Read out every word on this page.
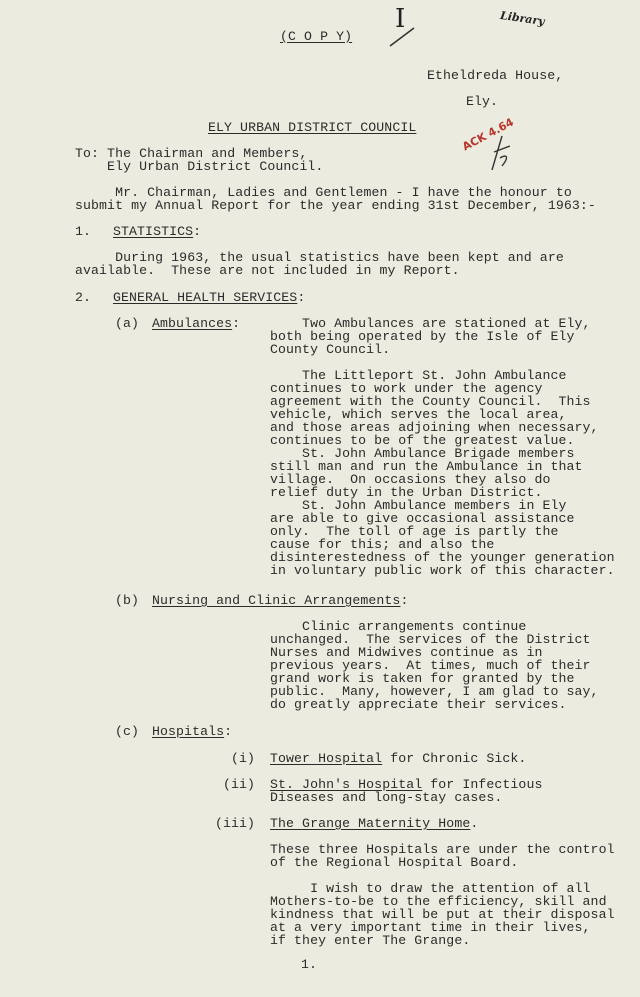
(C O P Y)
I	Library
Etheldreda House,
Ely.
ELY URBAN DISTRICT COUNCIL	ACK 4.64
To: The Chairman and Members,
Ely Urban District Council.
Mr. Chairman, Ladies and Gentlemen - I have the honour to
submit my Annual Report for the year ending 31st December, 1963:-
1. STATISTICS:
During 1963, the usual statistics have been kept and are
available.  These are not included in my Report.
2. GENERAL HEALTH SERVICES:
(a) Ambulances: Two Ambulances are stationed at Ely,
both being operated by the Isle of Ely
County Council.
The Littleport St. John Ambulance
continues to work under the agency
agreement with the County Council.  This
vehicle, which serves the local area,
and those areas adjoining when necessary,
continues to be of the greatest value.
St. John Ambulance Brigade members
still man and run the Ambulance in that
village.  On occasions they also do
relief duty in the Urban District.
St. John Ambulance members in Ely
are able to give occasional assistance
only.  The toll of age is partly the
cause for this; and also the
disinterestedness of the younger generation
in voluntary public work of this character.
(b) Nursing and Clinic Arrangements:
Clinic arrangements continue
unchanged.  The services of the District
Nurses and Midwives continue as in
previous years.  At times, much of their
grand work is taken for granted by the
public.  Many, however, I am glad to say,
do greatly appreciate their services.
(c) Hospitals:
(i) Tower Hospital for Chronic Sick.
(ii) St. John's Hospital for Infectious
Diseases and long-stay cases.
(iii) The Grange Maternity Home.
These three Hospitals are under the control
of the Regional Hospital Board.
I wish to draw the attention of all
Mothers-to-be to the efficiency, skill and
kindness that will be put at their disposal
at a very important time in their lives,
if they enter The Grange.
1.
